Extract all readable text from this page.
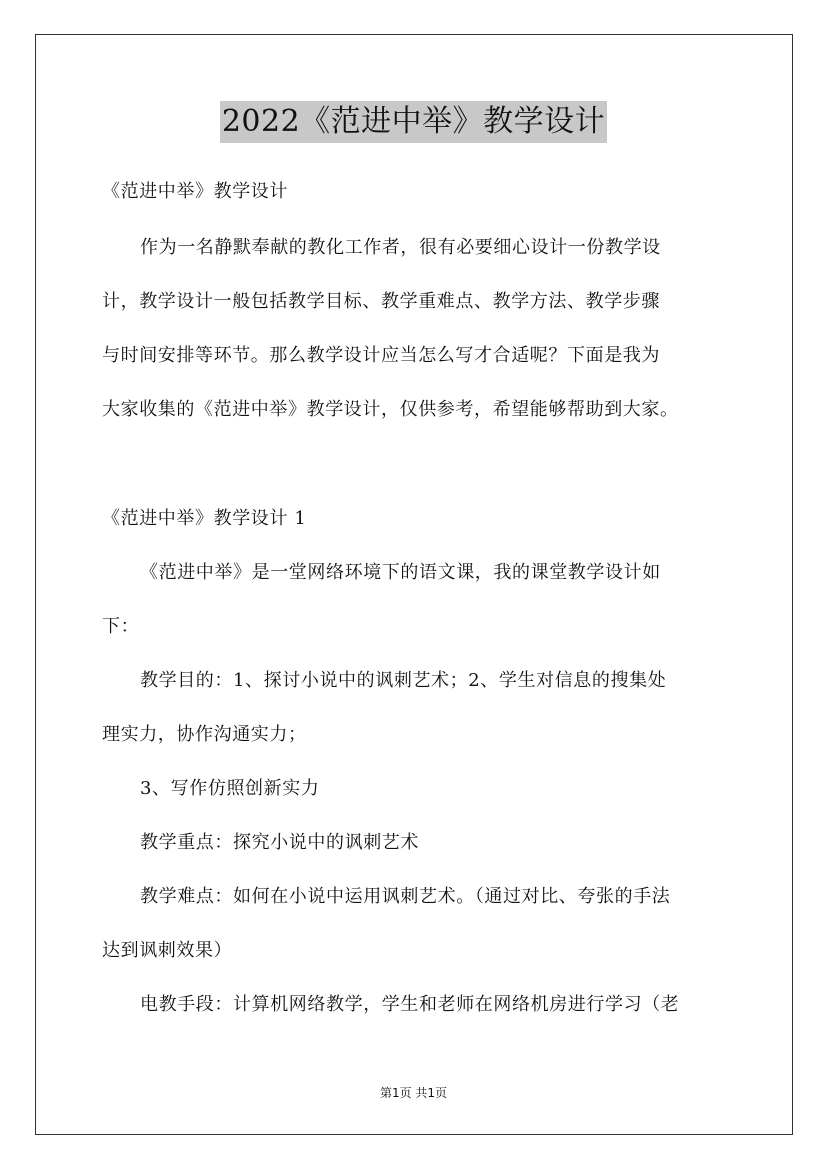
2022《范进中举》教学设计
《范进中举》教学设计
作为一名静默奉献的教化工作者，很有必要细心设计一份教学设
计，教学设计一般包括教学目标、教学重难点、教学方法、教学步骤
与时间安排等环节。那么教学设计应当怎么写才合适呢？下面是我为
大家收集的《范进中举》教学设计，仅供参考，希望能够帮助到大家。
《范进中举》教学设计 1
《范进中举》是一堂网络环境下的语文课，我的课堂教学设计如
下：
教学目的：1、探讨小说中的讽刺艺术；2、学生对信息的搜集处
理实力，协作沟通实力；
3、写作仿照创新实力
教学重点：探究小说中的讽刺艺术
教学难点：如何在小说中运用讽刺艺术。（通过对比、夸张的手法
达到讽刺效果）
电教手段：计算机网络教学，学生和老师在网络机房进行学习（老
第1页 共1页
